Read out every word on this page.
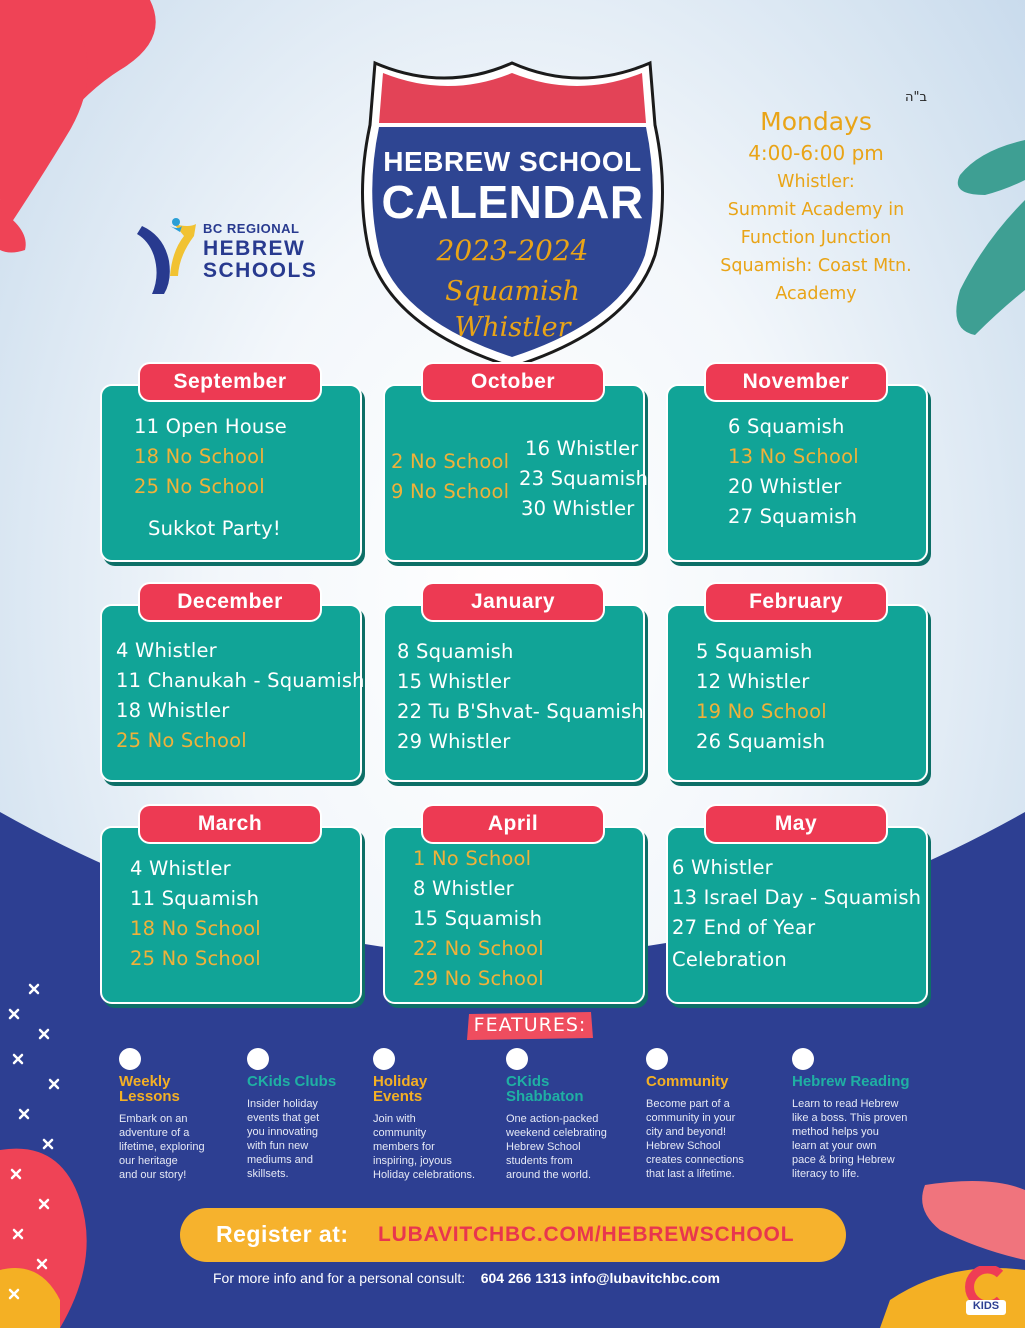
ב"ה
BC REGIONAL
HEBREW
SCHOOLS
HEBREW SCHOOL
CALENDAR
2023-2024
Squamish
Whistler
Mondays
4:00-6:00 pm
Whistler:
Summit Academy in
Function Junction
Squamish: Coast Mtn.
Academy
September
11 Open House
18 No School
25 No School
Sukkot Party!
October
2 No School
9 No School
16 Whistler
23 Squamish
30 Whistler
November
6 Squamish
13 No School
20 Whistler
27 Squamish
December
4 Whistler
11 Chanukah - Squamish
18 Whistler
25 No School
January
8 Squamish
15 Whistler
22 Tu B'Shvat- Squamish
29 Whistler
February
5 Squamish
12 Whistler
19 No School
26 Squamish
March
4 Whistler
11 Squamish
18 No School
25 No School
April
1 No School
8 Whistler
15 Squamish
22 No School
29 No School
May
6 Whistler
13 Israel Day - Squamish
27 End of Year
Celebration
FEATURES:
Weekly
Lessons
Embark on an
adventure of a
lifetime, exploring
our heritage
and our story!
CKids Clubs
Insider holiday
events that get
you innovating
with fun new
mediums and
skillsets.
Holiday
Events
Join with
community
members for
inspiring, joyous
Holiday celebrations.
CKids
Shabbaton
One action-packed
weekend celebrating
Hebrew School
students from
around the world.
Community
Become part of a
community in your
city and beyond!
Hebrew School
creates connections
that last a lifetime.
Hebrew Reading
Learn to read Hebrew
like a boss. This proven
method helps you
learn at your own
pace & bring Hebrew
literacy to life.
Register at: LUBAVITCHBC.COM/HEBREWSCHOOL
For more info and for a personal consult: 604 266 1313 info@lubavitchbc.com
KIDS
